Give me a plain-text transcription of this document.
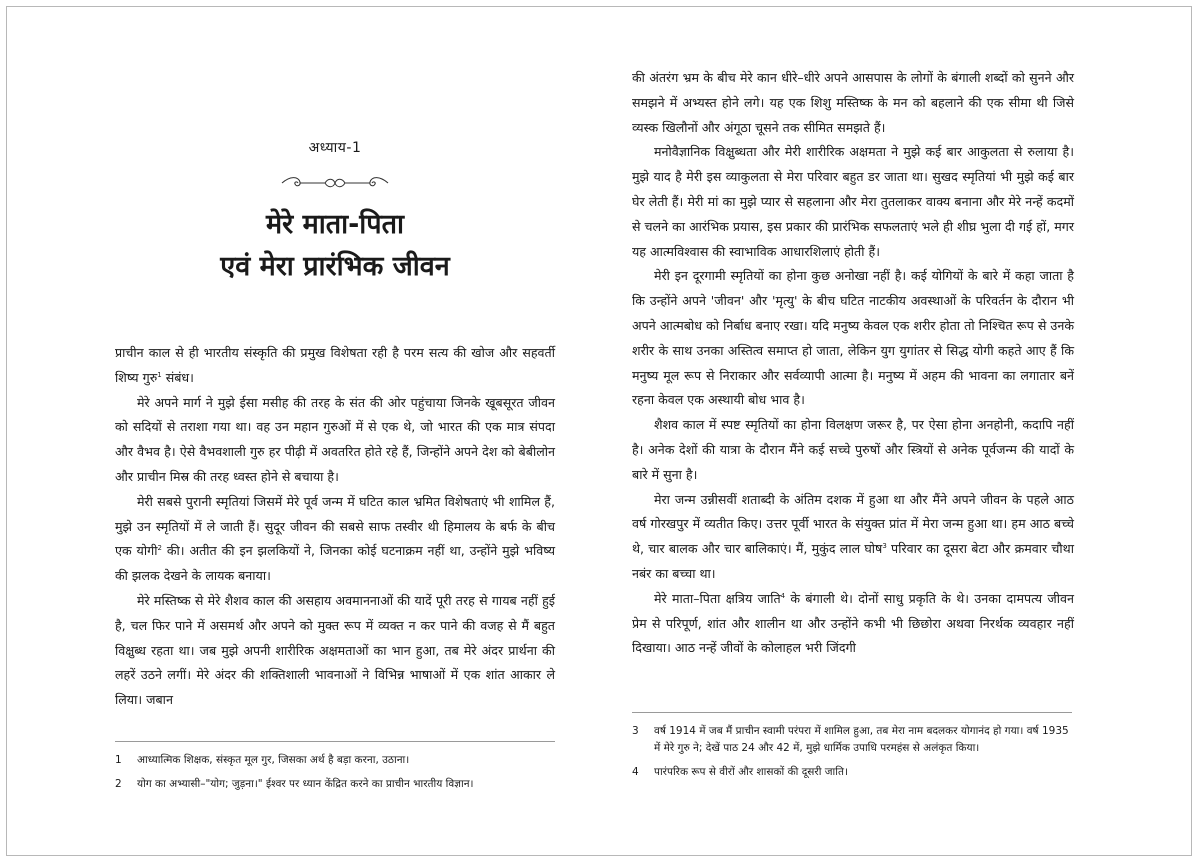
अध्याय-1
मेरे माता-पिता
एवं मेरा प्रारंभिक जीवन

प्राचीन काल से ही भारतीय संस्कृति की प्रमुख विशेषता रही है परम सत्य की खोज और सहवर्ती शिष्य गुरु$^1$ संबंध।

मेरे अपने मार्ग ने मुझे ईसा मसीह की तरह के संत की ओर पहुंचाया जिनके खूबसूरत जीवन को सदियों से तराशा गया था। वह उन महान गुरुओं में से एक थे, जो भारत की एक मात्र संपदा और वैभव है। ऐसे वैभवशाली गुरु हर पीढ़ी में अवतरित होते रहे हैं, जिन्होंने अपने देश को बेबीलोन और प्राचीन मिस्र की तरह ध्वस्त होने से बचाया है।

मेरी सबसे पुरानी स्मृतियां जिसमें मेरे पूर्व जन्म में घटित काल भ्रमित विशेषताएं भी शामिल हैं, मुझे उन स्मृतियों में ले जाती हैं। सुदूर जीवन की सबसे साफ तस्वीर थी हिमालय के बर्फ के बीच एक योगी$^2$ की। अतीत की इन झलकियों ने, जिनका कोई घटनाक्रम नहीं था, उन्होंने मुझे भविष्य की झलक देखने के लायक बनाया।

मेरे मस्तिष्क से मेरे शैशव काल की असहाय अवमाननाओं की यादें पूरी तरह से गायब नहीं हुई है, चल फिर पाने में असमर्थ और अपने को मुक्त रूप में व्यक्त न कर पाने की वजह से मैं बहुत विक्षुब्ध रहता था। जब मुझे अपनी शारीरिक अक्षमताओं का भान हुआ, तब मेरे अंदर प्रार्थना की लहरें उठने लगीं। मेरे अंदर की शक्तिशाली भावनाओं ने विभिन्न भाषाओं में एक शांत आकार ले लिया। जबान

1	आध्यात्मिक शिक्षक, संस्कृत मूल गुर, जिसका अर्थ है बड़ा करना, उठाना।
2	योग का अभ्यासी–"योग; जुड़ना।" ईश्वर पर ध्यान केंद्रित करने का प्राचीन भारतीय विज्ञान।

की अंतरंग भ्रम के बीच मेरे कान धीरे–धीरे अपने आसपास के लोगों के बंगाली शब्दों को सुनने और समझने में अभ्यस्त होने लगे। यह एक शिशु मस्तिष्क के मन को बहलाने की एक सीमा थी जिसे व्यस्क खिलौनों और अंगूठा चूसने तक सीमित समझते हैं।

मनोवैज्ञानिक विक्षुब्धता और मेरी शारीरिक अक्षमता ने मुझे कई बार आकुलता से रुलाया है। मुझे याद है मेरी इस व्याकुलता से मेरा परिवार बहुत डर जाता था। सुखद स्मृतियां भी मुझे कई बार घेर लेती हैं। मेरी मां का मुझे प्यार से सहलाना और मेरा तुतलाकर वाक्य बनाना और मेरे नन्हें कदमों से चलने का आरंभिक प्रयास, इस प्रकार की प्रारंभिक सफलताएं भले ही शीघ्र भुला दी गई हों, मगर यह आत्मविश्वास की स्वाभाविक आधारशिलाएं होती हैं।

मेरी इन दूरगामी स्मृतियों का होना कुछ अनोखा नहीं है। कई योगियों के बारे में कहा जाता है कि उन्होंने अपने 'जीवन' और 'मृत्यु' के बीच घटित नाटकीय अवस्थाओं के परिवर्तन के दौरान भी अपने आत्मबोध को निर्बाध बनाए रखा। यदि मनुष्य केवल एक शरीर होता तो निश्चित रूप से उनके शरीर के साथ उनका अस्तित्व समाप्त हो जाता, लेकिन युग युगांतर से सिद्ध योगी कहते आए हैं कि मनुष्य मूल रूप से निराकार और सर्वव्यापी आत्मा है। मनुष्य में अहम की भावना का लगातार बनें रहना केवल एक अस्थायी बोध भाव है।

शैशव काल में स्पष्ट स्मृतियों का होना विलक्षण जरूर है, पर ऐसा होना अनहोनी, कदापि नहीं है। अनेक देशों की यात्रा के दौरान मैंने कई सच्चे पुरुषों और स्त्रियों से अनेक पूर्वजन्म की यादों के बारे में सुना है।

मेरा जन्म उन्नीसवीं शताब्दी के अंतिम दशक में हुआ था और मैंने अपने जीवन के पहले आठ वर्ष गोरखपुर में व्यतीत किए। उत्तर पूर्वी भारत के संयुक्त प्रांत में मेरा जन्म हुआ था। हम आठ बच्चे थे, चार बालक और चार बालिकाएं। मैं, मुकुंद लाल घोष$^3$ परिवार का दूसरा बेटा और क्रमवार चौथा नबंर का बच्चा था।

मेरे माता–पिता क्षत्रिय जाति$^4$ के बंगाली थे। दोनों साधु प्रकृति के थे। उनका दामपत्य जीवन प्रेम से परिपूर्ण, शांत और शालीन था और उन्होंने कभी भी छिछोरा अथवा निरर्थक व्यवहार नहीं दिखाया। आठ नन्हें जीवों के कोलाहल भरी जिंदगी

3	वर्ष 1914 में जब मैं प्राचीन स्वामी परंपरा में शामिल हुआ, तब मेरा नाम बदलकर योगानंद हो गया। वर्ष 1935 में मेरे गुरु ने; देखें पाठ 24 और 42 में, मुझे धार्मिक उपाधि परमहंस से अलंकृत किया।
4	पारंपरिक रूप से वीरों और शासकों की दूसरी जाति।
